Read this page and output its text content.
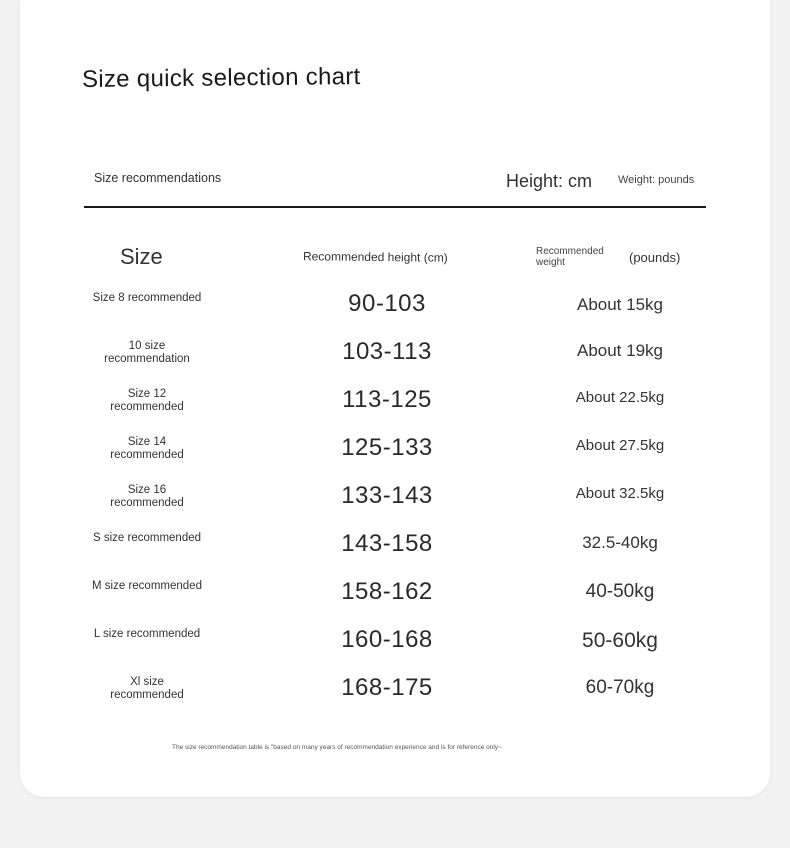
Size quick selection chart
Size recommendations	Height: cm Weight: pounds
Size	Recommended height (cm)	Recommended weight	(pounds)
Size 8 recommended	90-103	About 15kg
10 size recommendation	103-113	About 19kg
Size 12 recommended	113-125	About 22.5kg
Size 14 recommended	125-133	About 27.5kg
Size 16 recommended	133-143	About 32.5kg
S size recommended	143-158	32.5-40kg
M size recommended	158-162	40-50kg
L size recommended	160-168	50-60kg
Xl size recommended	168-175	60-70kg
The size recommendation table is "based on many years of recommendation experience and is for reference only~
